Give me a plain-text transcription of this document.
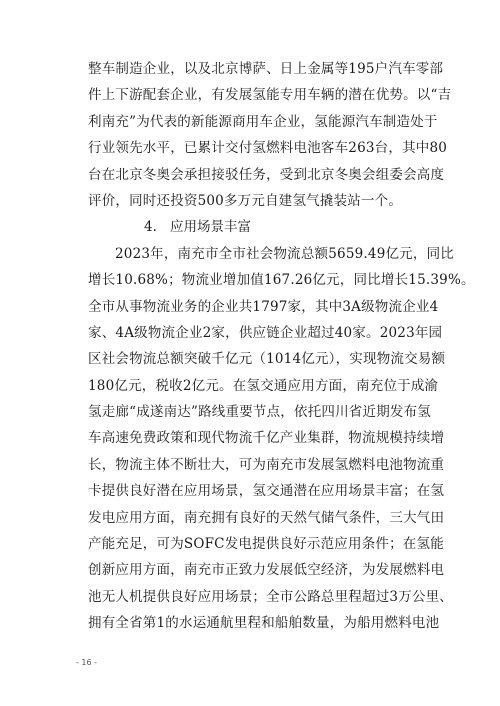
整车制造企业，以及北京博萨、日上金属等195户汽车零部
件上下游配套企业，有发展氢能专用车辆的潜在优势。以“吉
利南充”为代表的新能源商用车企业，氢能源汽车制造处于
行业领先水平，已累计交付氢燃料电池客车263台，其中80
台在北京冬奥会承担接驳任务，受到北京冬奥会组委会高度
评价，同时还投资500多万元自建氢气撬装站一个。
4. 应用场景丰富
2023年，南充市全市社会物流总额5659.49亿元，同比
增长10.68%；物流业增加值167.26亿元，同比增长15.39%。
全市从事物流业务的企业共1797家，其中3A级物流企业4
家、4A级物流企业2家，供应链企业超过40家。2023年园
区社会物流总额突破千亿元（1014亿元），实现物流交易额
180亿元，税收2亿元。在氢交通应用方面，南充位于成渝
氢走廊“成遂南达”路线重要节点，依托四川省近期发布氢
车高速免费政策和现代物流千亿产业集群，物流规模持续增
长，物流主体不断壮大，可为南充市发展氢燃料电池物流重
卡提供良好潜在应用场景，氢交通潜在应用场景丰富；在氢
发电应用方面，南充拥有良好的天然气储气条件，三大气田
产能充足，可为SOFC发电提供良好示范应用条件；在氢能
创新应用方面，南充市正致力发展低空经济，为发展燃料电
池无人机提供良好应用场景；全市公路总里程超过3万公里、
拥有全省第1的水运通航里程和船舶数量，为船用燃料电池
- 16 -
